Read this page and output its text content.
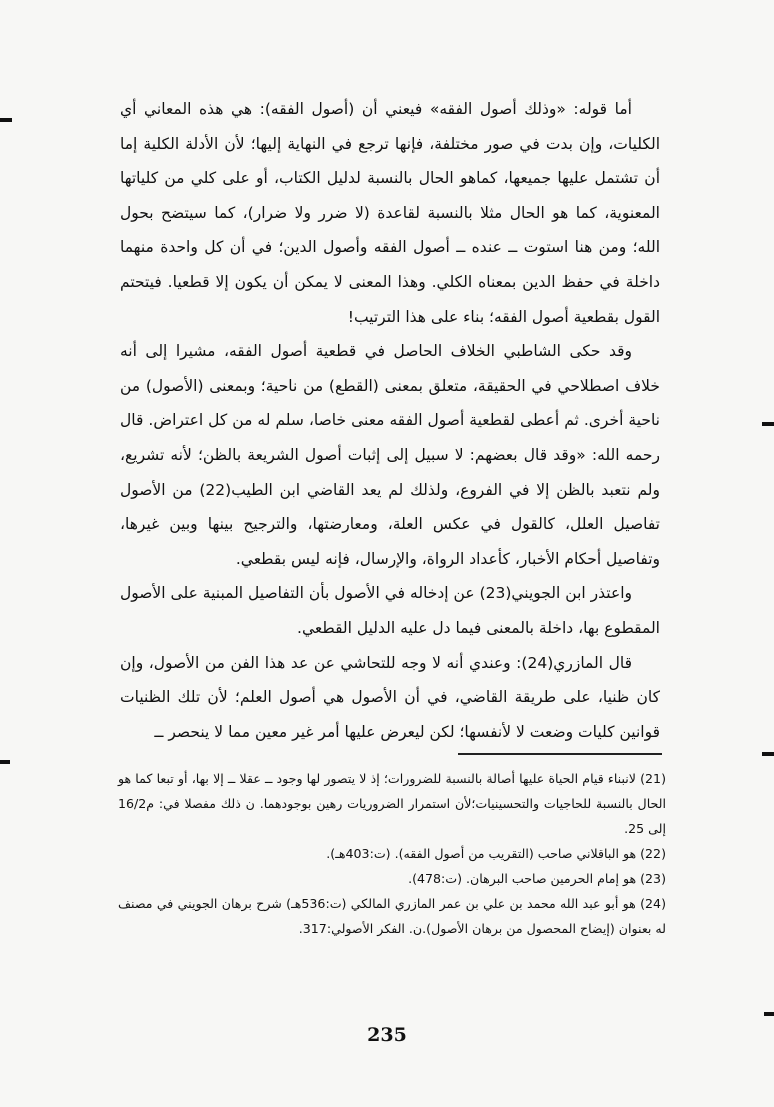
أما قوله: «وذلك أصول الفقه» فيعني أن (أصول الفقه): هي هذه المعاني أي الكليات، وإن بدت في صور مختلفة، فإنها ترجع في النهاية إليها؛ لأن الأدلة الكلية إما أن تشتمل عليها جميعها، كماهو الحال بالنسبة لدليل الكتاب، أو على كلي من كلياتها المعنوية، كما هو الحال مثلا بالنسبة لقاعدة (لا ضرر ولا ضرار)، كما سيتضح بحول الله؛ ومن هنا استوت ــ عنده ــ أصول الفقه وأصول الدين؛ في أن كل واحدة منهما داخلة في حفظ الدين بمعناه الكلي. وهذا المعنى لا يمكن أن يكون إلا قطعيا. فيتحتم القول بقطعية أصول الفقه؛ بناء على هذا الترتيب!

وقد حكى الشاطبي الخلاف الحاصل في قطعية أصول الفقه، مشيرا إلى أنه خلاف اصطلاحي في الحقيقة، متعلق بمعنى (القطع) من ناحية؛ وبمعنى (الأصول) من ناحية أخرى. ثم أعطى لقطعية أصول الفقه معنى خاصا، سلم له من كل اعتراض. قال رحمه الله: «وقد قال بعضهم: لا سبيل إلى إثبات أصول الشريعة بالظن؛ لأنه تشريع، ولم نتعبد بالظن إلا في الفروع، ولذلك لم يعد القاضي ابن الطيب(22) من الأصول تفاصيل العلل، كالقول في عكس العلة، ومعارضتها، والترجيح بينها وبين غيرها، وتفاصيل أحكام الأخبار، كأعداد الرواة، والإرسال، فإنه ليس بقطعي.

واعتذر ابن الجويني(23) عن إدخاله في الأصول بأن التفاصيل المبنية على الأصول المقطوع بها، داخلة بالمعنى فيما دل عليه الدليل القطعي.

قال المازري(24): وعندي أنه لا وجه للتحاشي عن عد هذا الفن من الأصول، وإن كان ظنيا، على طريقة القاضي، في أن الأصول هي أصول العلم؛ لأن تلك الظنيات قوانين كليات وضعت لا لأنفسها؛ لكن ليعرض عليها أمر غير معين مما لا ينحصر ــ

(21) لانبناء قيام الحياة عليها أصالة بالنسبة للضرورات؛ إذ لا يتصور لها وجود ــ عقلا ــ إلا بها، أو تبعا كما هو الحال بالنسبة للحاجيات والتحسينيات؛لأن استمرار الضروريات رهين بوجودهما. ن ذلك مفصلا في: م16/2 إلى 25.

(22) هو الباقلاني صاحب (التقريب من أصول الفقه). (ت:403هـ).

(23) هو إمام الحرمين صاحب البرهان. (ت:478).

(24) هو أبو عبد الله محمد بن علي بن عمر المازري المالكي (ت:536هـ) شرح برهان الجويني في مصنف له بعنوان (إيضاح المحصول من برهان الأصول).ن. الفكر الأصولي:317.

235
